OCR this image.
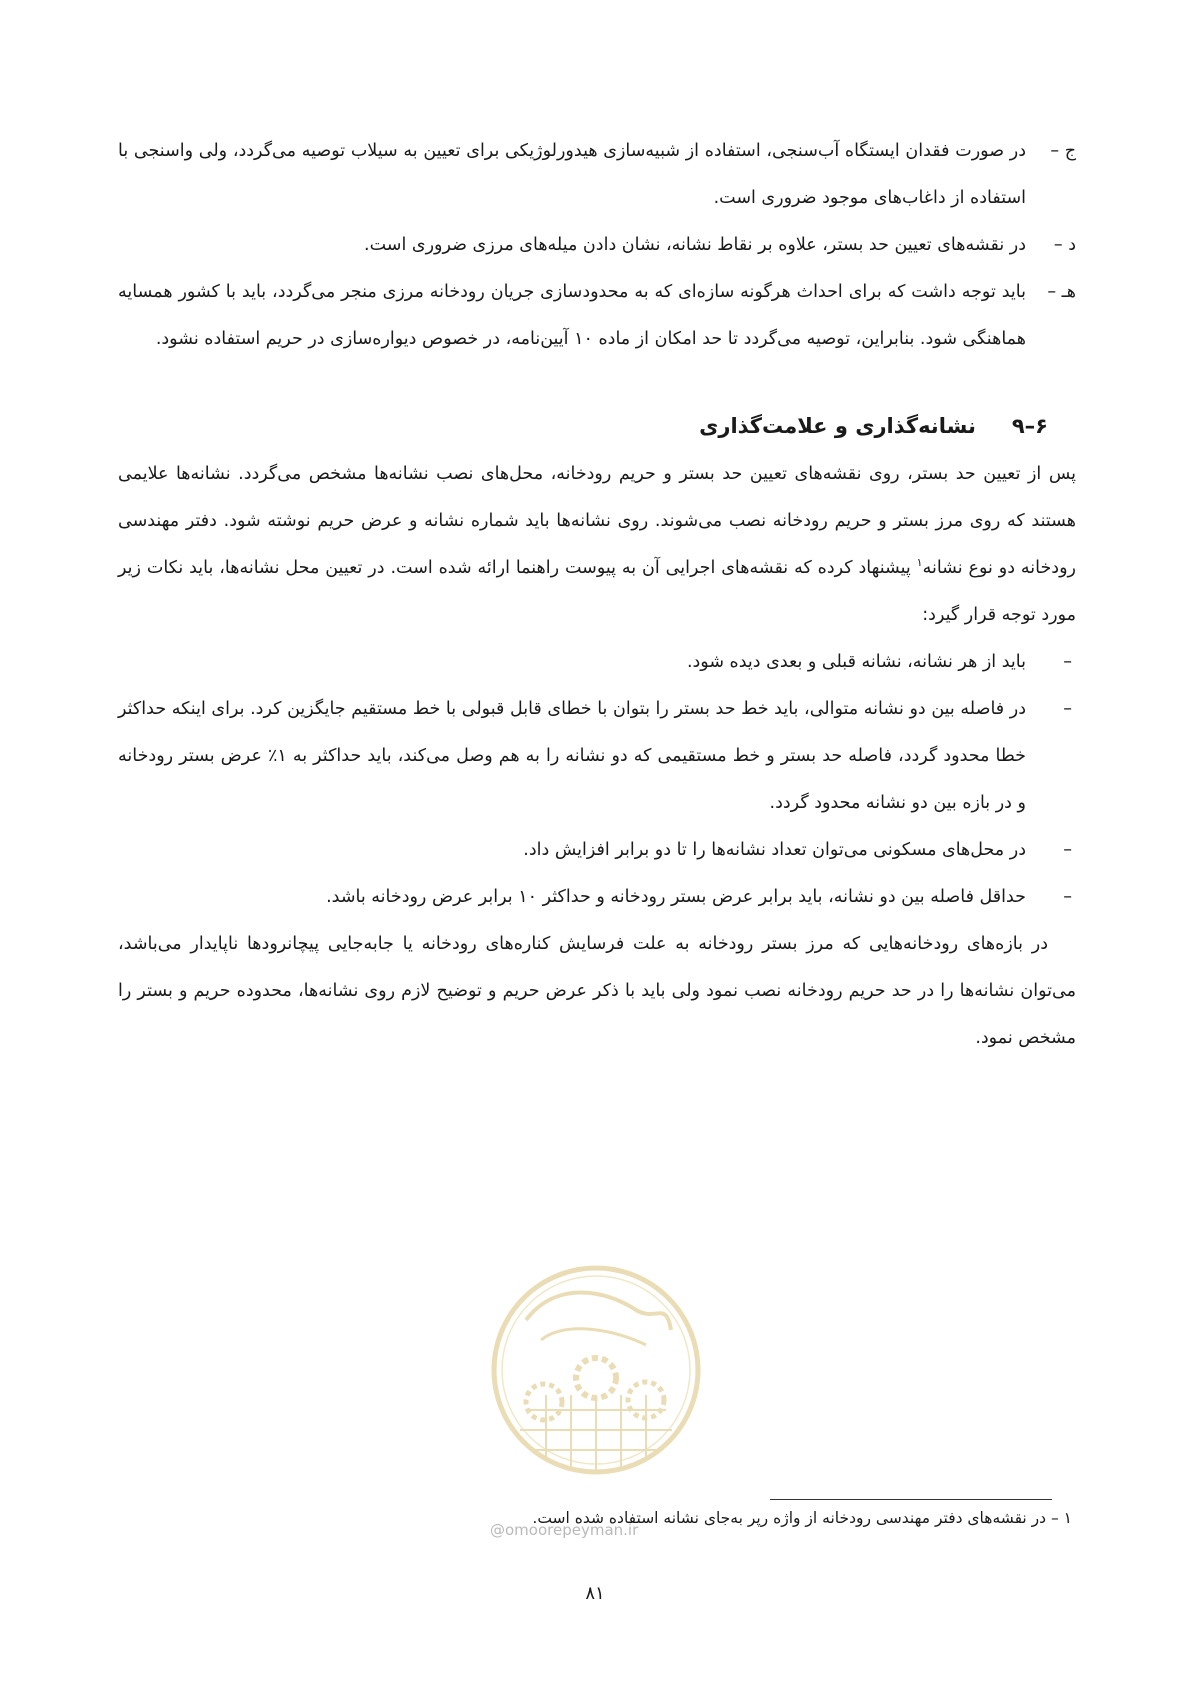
ج –
در صورت فقدان ایستگاه آب‌سنجی، استفاده از شبیه‌سازی هیدورلوژیکی برای تعیین به سیلاب توصیه می‌گردد، ولی واسنجی با استفاده از داغاب‌های موجود ضروری است.
د –
در نقشه‌های تعیین حد بستر، علاوه بر نقاط نشانه، نشان دادن میله‌های مرزی ضروری است.
هـ –
باید توجه داشت که برای احداث هرگونه سازه‌ای که به محدودسازی جریان رودخانه مرزی منجر می‌گردد، باید با کشور همسایه هماهنگی شود. بنابراین، توصیه می‌گردد تا حد امکان از ماده ۱۰ آیین‌نامه، در خصوص دیواره‌سازی در حریم استفاده نشود.
۶–۹نشانه‌گذاری و علامت‌گذاری
پس از تعیین حد بستر، روی نقشه‌های تعیین حد بستر و حریم رودخانه، محل‌های نصب نشانه‌ها مشخص می‌گردد. نشانه‌ها علایمی هستند که روی مرز بستر و حریم رودخانه نصب می‌شوند. روی نشانه‌ها باید شماره نشانه و عرض حریم نوشته شود. دفتر مهندسی رودخانه دو نوع نشانه$^۱$ پیشنهاد کرده که نقشه‌های اجرایی آن به پیوست راهنما ارائه شده است. در تعیین محل نشانه‌ها، باید نکات زیر مورد توجه قرار گیرد:
–
باید از هر نشانه، نشانه قبلی و بعدی دیده شود.
–
در فاصله بین دو نشانه متوالی، باید خط حد بستر را بتوان با خطای قابل قبولی با خط مستقیم جایگزین کرد. برای اینکه حداکثر خطا محدود گردد، فاصله حد بستر و خط مستقیمی که دو نشانه را به هم وصل می‌کند، باید حداکثر به ۱٪ عرض بستر رودخانه و در بازه بین دو نشانه محدود گردد.
–
در محل‌های مسکونی می‌توان تعداد نشانه‌ها را تا دو برابر افزایش داد.
–
حداقل فاصله بین دو نشانه، باید برابر عرض بستر رودخانه و حداکثر ۱۰ برابر عرض رودخانه باشد.
در بازه‌های رودخانه‌هایی که مرز بستر رودخانه به علت فرسایش کناره‌های رودخانه یا جابه‌جایی پیچانرودها ناپایدار می‌باشد، می‌توان نشانه‌ها را در حد حریم رودخانه نصب نمود ولی باید با ذکر عرض حریم و توضیح لازم روی نشانه‌ها، محدوده حریم و بستر را مشخص نمود.
@omoorepeyman.ir
۱ – در نقشه‌های دفتر مهندسی رودخانه از واژه رپر به‌جای نشانه استفاده شده است.
۸۱
